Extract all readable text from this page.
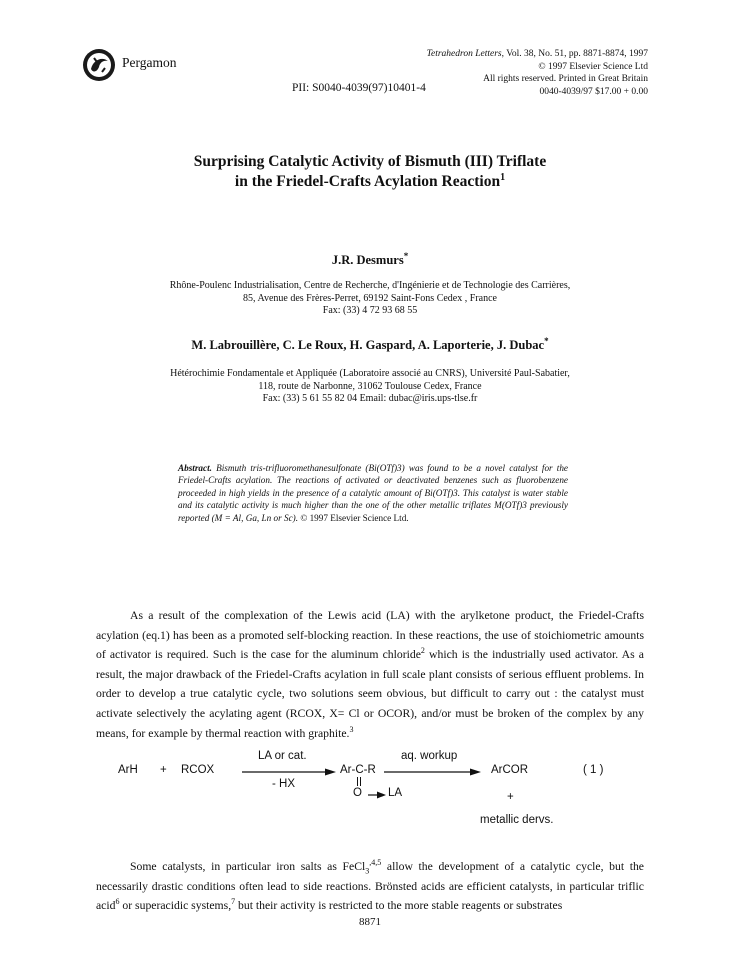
Pergamon
Tetrahedron Letters, Vol. 38, No. 51, pp. 8871-8874, 1997
© 1997 Elsevier Science Ltd
All rights reserved. Printed in Great Britain
0040-4039/97 $17.00 + 0.00
PII: S0040-4039(97)10401-4
Surprising Catalytic Activity of Bismuth (III) Triflate
in the Friedel-Crafts Acylation Reaction$^1$
J.R. Desmurs*
Rhône-Poulenc Industrialisation, Centre de Recherche, d'Ingénierie et de Technologie des Carrières,
85, Avenue des Frères-Perret, 69192 Saint-Fons Cedex , France
Fax: (33) 4 72 93 68 55
M. Labrouillère, C. Le Roux, H. Gaspard, A. Laporterie, J. Dubac*
Hétérochimie Fondamentale et Appliquée (Laboratoire associé au CNRS), Université Paul-Sabatier,
118, route de Narbonne, 31062 Toulouse Cedex, France
Fax: (33) 5 61 55 82 04 Email: dubac@iris.ups-tlse.fr
Abstract. Bismuth tris-trifluoromethanesulfonate (Bi(OTf)3) was found to be a novel catalyst for the Friedel-Crafts acylation. The reactions of activated or deactivated benzenes such as fluorobenzene proceeded in high yields in the presence of a catalytic amount of Bi(OTf)3. This catalyst is water stable and its catalytic activity is much higher than the one of the other metallic triflates M(OTf)3 previously reported (M = Al, Ga, Ln or Sc). © 1997 Elsevier Science Ltd.

As a result of the complexation of the Lewis acid (LA) with the arylketone product, the Friedel-Crafts acylation (eq.1) has been as a promoted self-blocking reaction. In these reactions, the use of stoichiometric amounts of activator is required. Such is the case for the aluminum chloride$^2$ which is the industrially used activator. As a result, the major drawback of the Friedel-Crafts acylation in full scale plant consists of serious effluent problems. In order to develop a true catalytic cycle, two solutions seem obvious, but difficult to carry out : the catalyst must activate selectively the acylating agent (RCOX, X= Cl or OCOR), and/or must be broken of the complex by any means, for example by thermal reaction with graphite.$^3$

ArH + RCOX
LA or cat.
- HX
Ar-C-R
O LA
aq. workup
ArCOR
+
metallic dervs.
( 1 )

Some catalysts, in particular iron salts as FeCl$_3^{,4,5}$ allow the development of a catalytic cycle, but the necessarily drastic conditions often lead to side reactions. Brönsted acids are efficient catalysts, in particular triflic acid$^6$ or superacidic systems,$^7$ but their activity is restricted to the more stable reagents or substrates

8871
